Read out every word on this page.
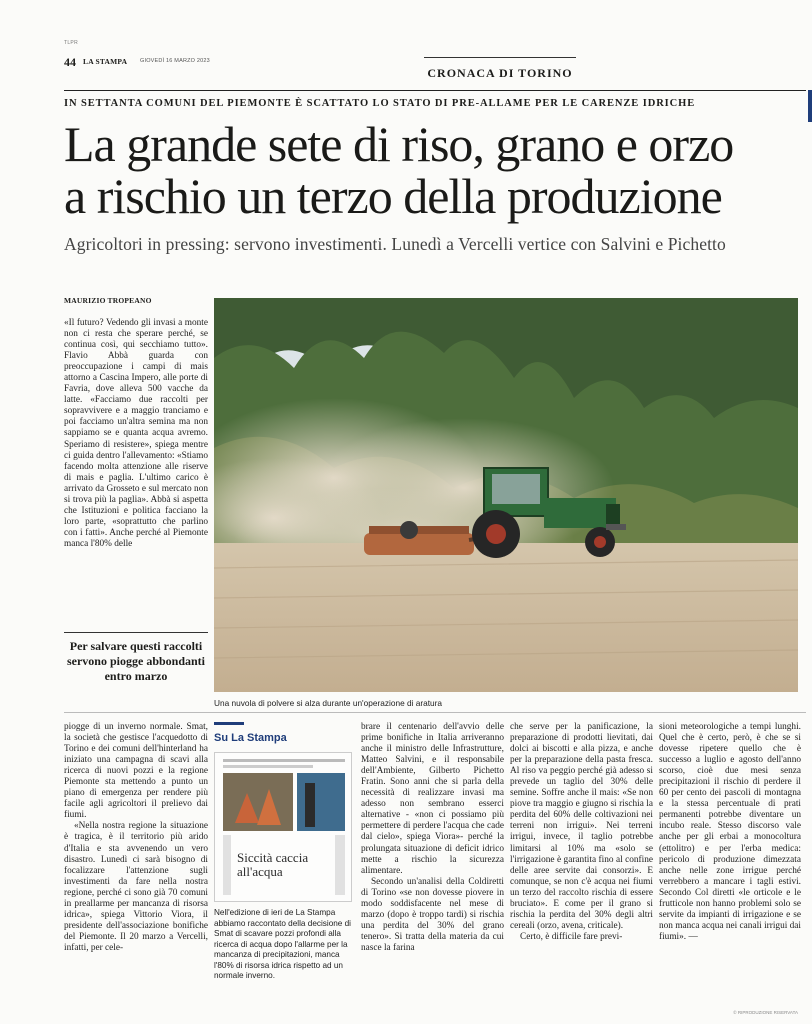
TLPR
44 LA STAMPA GIOVEDÌ 16 MARZO 2023
CRONACA DI TORINO
IN SETTANTA COMUNI DEL PIEMONTE È SCATTATO LO STATO DI PRE-ALLAME PER LE CARENZE IDRICHE
La grande sete di riso, grano e orzo
a rischio un terzo della produzione
Agricoltori in pressing: servono investimenti. Lunedì a Vercelli vertice con Salvini e Pichetto
MAURIZIO TROPEANO

«Il futuro? Vedendo gli invasi a monte non ci resta che sperare perché, se continua così, qui secchiamo tutto». Flavio Abbà guarda con preoccupazione i campi di mais attorno a Cascina Impero, alle porte di Favria, dove alleva 500 vacche da latte. «Facciamo due raccolti per sopravvivere e a maggio tranciamo e poi facciamo un'altra semina ma non sappiamo se e quanta acqua avremo. Speriamo di resistere», spiega mentre ci guida dentro l'allevamento: «Stiamo facendo molta attenzione alle riserve di mais e paglia. L'ultimo carico è arrivato da Grosseto e sul mercato non si trova più la paglia». Abbà si aspetta che Istituzioni e politica facciano la loro parte, «soprattutto che parlino con i fatti». Anche perché al Piemonte manca l'80% delle

Per salvare questi raccolti servono piogge abbondanti entro marzo
Una nuvola di polvere si alza durante un'operazione di aratura

piogge di un inverno normale. Smat, la società che gestisce l'acquedotto di Torino e dei comuni dell'hinterland ha iniziato una campagna di scavi alla ricerca di nuovi pozzi e la regione Piemonte sta mettendo a punto un piano di emergenza per rendere più facile agli agricoltori il prelievo dai fiumi.

«Nella nostra regione la situazione è tragica, è il territorio più arido d'Italia e sta avvenendo un vero disastro. Lunedì ci sarà bisogno di focalizzare l'attenzione sugli investimenti da fare nella nostra regione, perché ci sono già 70 comuni in preallarme per mancanza di risorsa idrica», spiega Vittorio Viora, il presidente dell'associazione bonifiche del Piemonte. Il 20 marzo a Vercelli, infatti, per cele-

Su La Stampa
Siccità caccia all'acqua
Nell'edizione di ieri de La Stampa abbiamo raccontato della decisione di Smat di scavare pozzi profondi alla ricerca di acqua dopo l'allarme per la mancanza di precipitazioni, manca l'80% di risorsa idrica rispetto ad un normale inverno.

brare il centenario dell'avvio delle prime bonifiche in Italia arriveranno anche il ministro delle Infrastrutture, Matteo Salvini, e il responsabile dell'Ambiente, Gilberto Pichetto Fratin. Sono anni che si parla della necessità di realizzare invasi ma adesso non sembrano esserci alternative - «non ci possiamo più permettere di perdere l'acqua che cade dal cielo», spiega Viora»- perché la prolungata situazione di deficit idrico mette a rischio la sicurezza alimentare.

Secondo un'analisi della Coldiretti di Torino «se non dovesse piovere in modo soddisfacente nel mese di marzo (dopo è troppo tardi) si rischia una perdita del 30% del grano tenero». Si tratta della materia da cui nasce la farina

che serve per la panificazione, la preparazione di prodotti lievitati, dai dolci ai biscotti e alla pizza, e anche per la preparazione della pasta fresca. Al riso va peggio perché già adesso si prevede un taglio del 30% delle semine. Soffre anche il mais: «Se non piove tra maggio e giugno si rischia la perdita del 60% delle coltivazioni nei terreni non irrigui». Nei terreni irrigui, invece, il taglio potrebbe limitarsi al 10% ma «solo se l'irrigazione è garantita fino al confine delle aree servite dai consorzi». E comunque, se non c'è acqua nei fiumi un terzo del raccolto rischia di essere bruciato». E come per il grano si rischia la perdita del 30% degli altri cereali (orzo, avena, criticale).

Certo, è difficile fare previ-

sioni meteorologiche a tempi lunghi. Quel che è certo, però, è che se si dovesse ripetere quello che è successo a luglio e agosto dell'anno scorso, cioè due mesi senza precipitazioni il rischio di perdere il 60 per cento dei pascoli di montagna e la stessa percentuale di prati permanenti potrebbe diventare un incubo reale. Stesso discorso vale anche per gli erbai a monocoltura (ettolitro) e per l'erba medica: pericolo di produzione dimezzata anche nelle zone irrigue perché verrebbero a mancare i tagli estivi. Secondo Col diretti «le orticole e le frutticole non hanno problemi solo se servite da impianti di irrigazione e se non manca acqua nei canali irrigui dai fiumi». —

© RIPRODUZIONE RISERVATA
